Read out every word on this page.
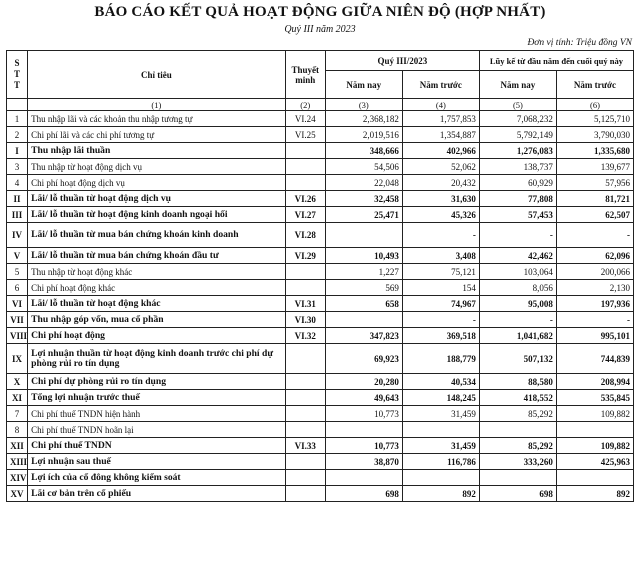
BÁO CÁO KẾT QUẢ HOẠT ĐỘNG GIỮA NIÊN ĐỘ (HỢP NHẤT)
Quý III năm 2023
Đơn vị tính: Triệu đồng VN
S T T	Chỉ tiêu	Thuyết minh	Quý III/2023		Lũy kế từ đầu năm đến cuối quý này	
			Năm nay	Năm trước	Năm nay	Năm trước
	(1)	(2)	(3)	(4)	(5)	(6)
1	Thu nhập lãi và các khoản thu nhập tương tự	VI.24	2,368,182	1,757,853	7,068,232	5,125,710
2	Chi phí lãi và các chi phí tương tự	VI.25	2,019,516	1,354,887	5,792,149	3,790,030
I	Thu nhập lãi thuần		348,666	402,966	1,276,083	1,335,680
3	Thu nhập từ hoạt động dịch vụ		54,506	52,062	138,737	139,677
4	Chi phí hoạt động dịch vụ		22,048	20,432	60,929	57,956
II	Lãi/ lỗ thuần từ hoạt động dịch vụ	VI.26	32,458	31,630	77,808	81,721
III	Lãi/ lỗ thuần từ hoạt động kinh doanh ngoại hối	VI.27	25,471	45,326	57,453	62,507
IV	Lãi/ lỗ thuần từ mua bán chứng khoán kinh doanh	VI.28		-	-	-
V	Lãi/ lỗ thuần từ mua bán chứng khoán đầu tư	VI.29	10,493	3,408	42,462	62,096
5	Thu nhập từ hoạt động khác		1,227	75,121	103,064	200,066
6	Chi phí hoạt động khác		569	154	8,056	2,130
VI	Lãi/ lỗ thuần từ hoạt động khác	VI.31	658	74,967	95,008	197,936
VII	Thu nhập góp vốn, mua cổ phần	VI.30		-	-	-
VIII	Chi phí hoạt động	VI.32	347,823	369,518	1,041,682	995,101
IX	Lợi nhuận thuần từ hoạt động kinh doanh trước chi phí dự phòng rủi ro tín dụng		69,923	188,779	507,132	744,839
X	Chi phí dự phòng rủi ro tín dụng		20,280	40,534	88,580	208,994
XI	Tổng lợi nhuận trước thuế		49,643	148,245	418,552	535,845
7	Chi phí thuế TNDN hiện hành		10,773	31,459	85,292	109,882
8	Chi phí thuế TNDN hoãn lại					
XII	Chi phí thuế TNDN	VI.33	10,773	31,459	85,292	109,882
XIII	Lợi nhuận sau thuế		38,870	116,786	333,260	425,963
XIV	Lợi ích của cổ đông không kiểm soát					
XV	Lãi cơ bản trên cổ phiếu		698	892	698	892
